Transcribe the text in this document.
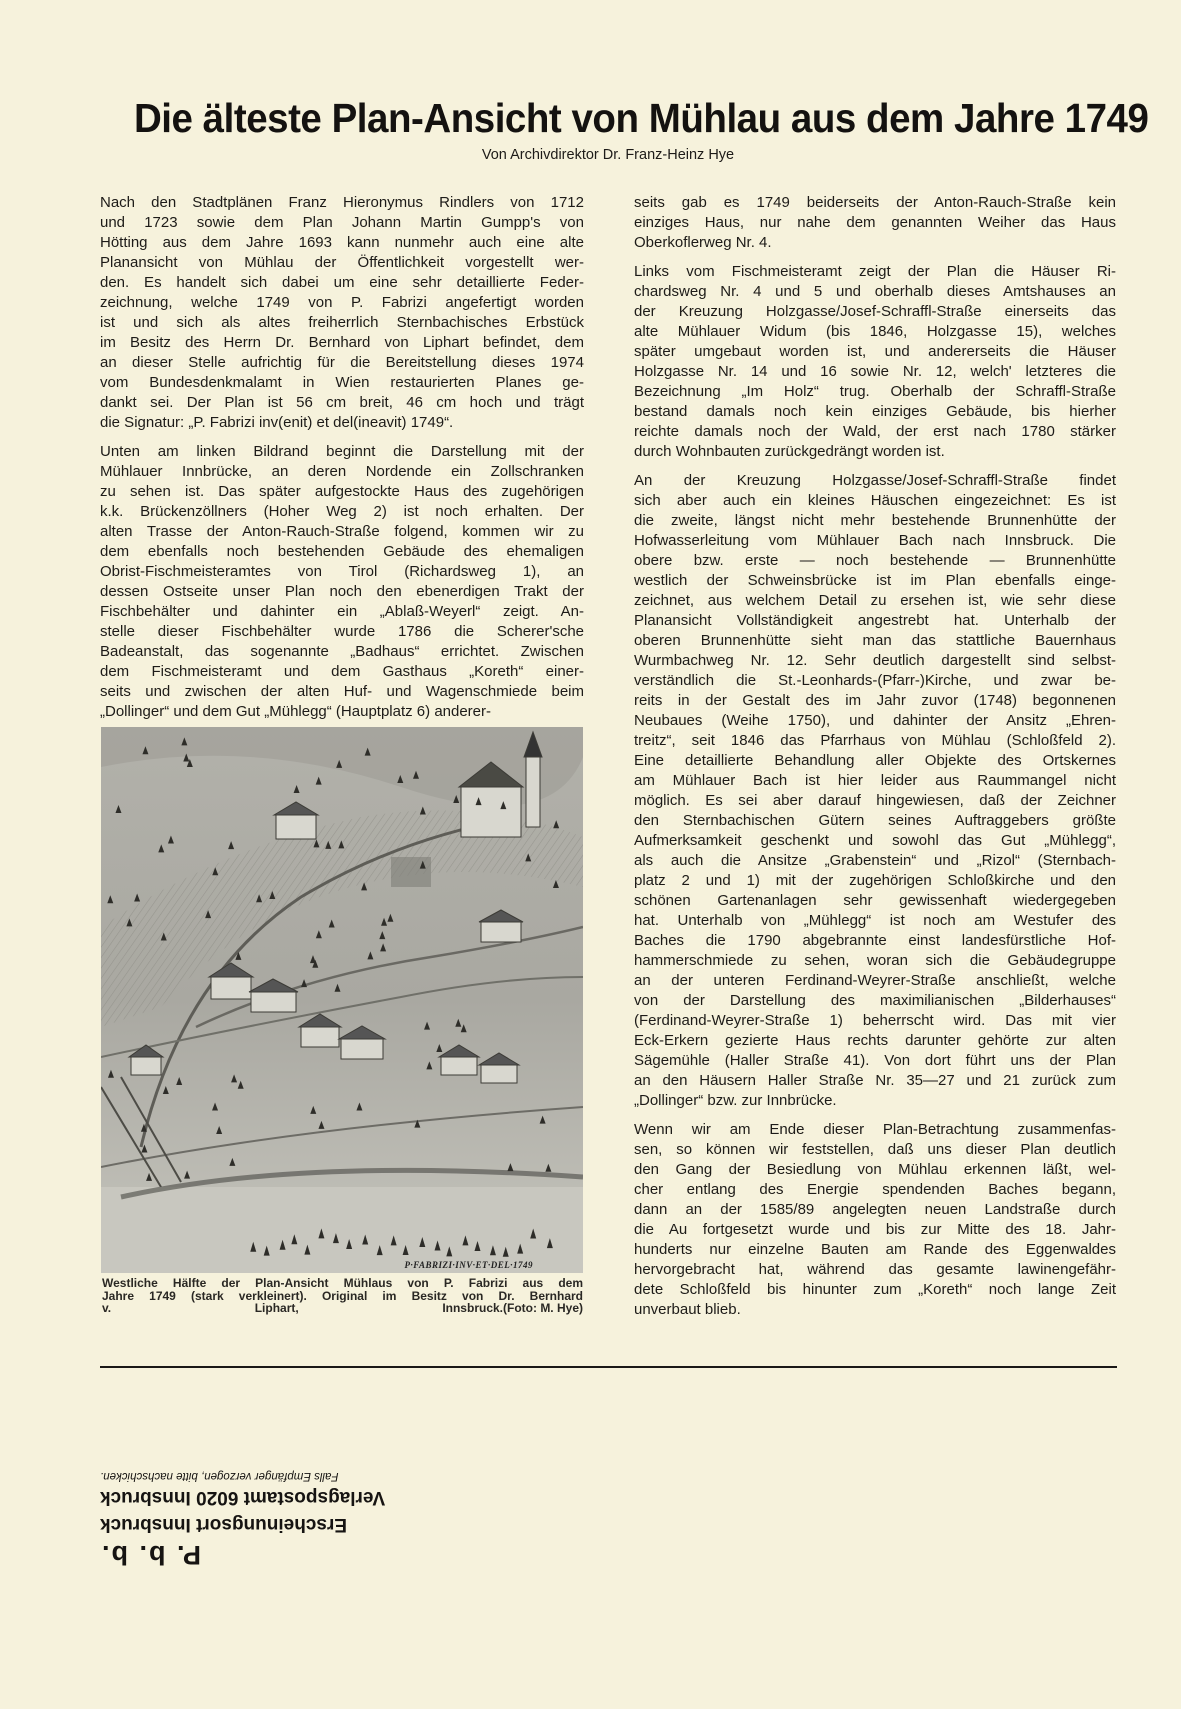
Die älteste Plan-Ansicht von Mühlau aus dem Jahre 1749
Von Archivdirektor Dr. Franz-Heinz Hye
Nach den Stadtplänen Franz Hieronymus Rindlers von 1712
und 1723 sowie dem Plan Johann Martin Gumpp's von
Hötting aus dem Jahre 1693 kann nunmehr auch eine alte
Planansicht von Mühlau der Öffentlichkeit vorgestellt wer-
den. Es handelt sich dabei um eine sehr detaillierte Feder-
zeichnung, welche 1749 von P. Fabrizi angefertigt worden
ist und sich als altes freiherrlich Sternbachisches Erbstück
im Besitz des Herrn Dr. Bernhard von Liphart befindet, dem
an dieser Stelle aufrichtig für die Bereitstellung dieses 1974
vom Bundesdenkmalamt in Wien restaurierten Planes ge-
dankt sei. Der Plan ist 56 cm breit, 46 cm hoch und trägt
die Signatur: „P. Fabrizi inv(enit) et del(ineavit) 1749“.
Unten am linken Bildrand beginnt die Darstellung mit der
Mühlauer Innbrücke, an deren Nordende ein Zollschranken
zu sehen ist. Das später aufgestockte Haus des zugehörigen
k.k. Brückenzöllners (Hoher Weg 2) ist noch erhalten. Der
alten Trasse der Anton-Rauch-Straße folgend, kommen wir zu
dem ebenfalls noch bestehenden Gebäude des ehemaligen
Obrist-Fischmeisteramtes von Tirol (Richardsweg 1), an
dessen Ostseite unser Plan noch den ebenerdigen Trakt der
Fischbehälter und dahinter ein „Ablaß-Weyerl“ zeigt. An-
stelle dieser Fischbehälter wurde 1786 die Scherer'sche
Badeanstalt, das sogenannte „Badhaus“ errichtet. Zwischen
dem Fischmeisteramt und dem Gasthaus „Koreth“ einer-
seits und zwischen der alten Huf- und Wagenschmiede beim
„Dollinger“ und dem Gut „Mühlegg“ (Hauptplatz 6) anderer-
P·FABRIZI·INV·ET·DEL·1749
Westliche Hälfte der Plan-Ansicht Mühlaus von P. Fabrizi aus dem
Jahre 1749 (stark verkleinert). Original im Besitz von Dr. Bernhard
v. Liphart, Innsbruck. (Foto: M. Hye)
seits gab es 1749 beiderseits der Anton-Rauch-Straße kein
einziges Haus, nur nahe dem genannten Weiher das Haus
Oberkoflerweg Nr. 4.
Links vom Fischmeisteramt zeigt der Plan die Häuser Ri-
chardsweg Nr. 4 und 5 und oberhalb dieses Amtshauses an
der Kreuzung Holzgasse/Josef-Schraffl-Straße einerseits das
alte Mühlauer Widum (bis 1846, Holzgasse 15), welches
später umgebaut worden ist, und andererseits die Häuser
Holzgasse Nr. 14 und 16 sowie Nr. 12, welch' letzteres die
Bezeichnung „Im Holz“ trug. Oberhalb der Schraffl-Straße
bestand damals noch kein einziges Gebäude, bis hierher
reichte damals noch der Wald, der erst nach 1780 stärker
durch Wohnbauten zurückgedrängt worden ist.
An der Kreuzung Holzgasse/Josef-Schraffl-Straße findet
sich aber auch ein kleines Häuschen eingezeichnet: Es ist
die zweite, längst nicht mehr bestehende Brunnenhütte der
Hofwasserleitung vom Mühlauer Bach nach Innsbruck. Die
obere bzw. erste — noch bestehende — Brunnenhütte
westlich der Schweinsbrücke ist im Plan ebenfalls einge-
zeichnet, aus welchem Detail zu ersehen ist, wie sehr diese
Planansicht Vollständigkeit angestrebt hat. Unterhalb der
oberen Brunnenhütte sieht man das stattliche Bauernhaus
Wurmbachweg Nr. 12. Sehr deutlich dargestellt sind selbst-
verständlich die St.-Leonhards-(Pfarr-)Kirche, und zwar be-
reits in der Gestalt des im Jahr zuvor (1748) begonnenen
Neubaues (Weihe 1750), und dahinter der Ansitz „Ehren-
treitz“, seit 1846 das Pfarrhaus von Mühlau (Schloßfeld 2).
Eine detaillierte Behandlung aller Objekte des Ortskernes
am Mühlauer Bach ist hier leider aus Raummangel nicht
möglich. Es sei aber darauf hingewiesen, daß der Zeichner
den Sternbachischen Gütern seines Auftraggebers größte
Aufmerksamkeit geschenkt und sowohl das Gut „Mühlegg“,
als auch die Ansitze „Grabenstein“ und „Rizol“ (Sternbach-
platz 2 und 1) mit der zugehörigen Schloßkirche und den
schönen Gartenanlagen sehr gewissenhaft wiedergegeben
hat. Unterhalb von „Mühlegg“ ist noch am Westufer des
Baches die 1790 abgebrannte einst landesfürstliche Hof-
hammerschmiede zu sehen, woran sich die Gebäudegruppe
an der unteren Ferdinand-Weyrer-Straße anschließt, welche
von der Darstellung des maximilianischen „Bilderhauses“
(Ferdinand-Weyrer-Straße 1) beherrscht wird. Das mit vier
Eck-Erkern gezierte Haus rechts darunter gehörte zur alten
Sägemühle (Haller Straße 41). Von dort führt uns der Plan
an den Häusern Haller Straße Nr. 35—27 und 21 zurück zum
„Dollinger“ bzw. zur Innbrücke.
Wenn wir am Ende dieser Plan-Betrachtung zusammenfas-
sen, so können wir feststellen, daß uns dieser Plan deutlich
den Gang der Besiedlung von Mühlau erkennen läßt, wel-
cher entlang des Energie spendenden Baches begann,
dann an der 1585/89 angelegten neuen Landstraße durch
die Au fortgesetzt wurde und bis zur Mitte des 18. Jahr-
hunderts nur einzelne Bauten am Rande des Eggenwaldes
hervorgebracht hat, während das gesamte lawinengefähr-
dete Schloßfeld bis hinunter zum „Koreth“ noch lange Zeit
unverbaut blieb.
P. b. b.
Erscheinungsort Innsbruck
Verlagspostamt 6020 Innsbruck
Falls Empfänger verzogen, bitte nachschicken.
